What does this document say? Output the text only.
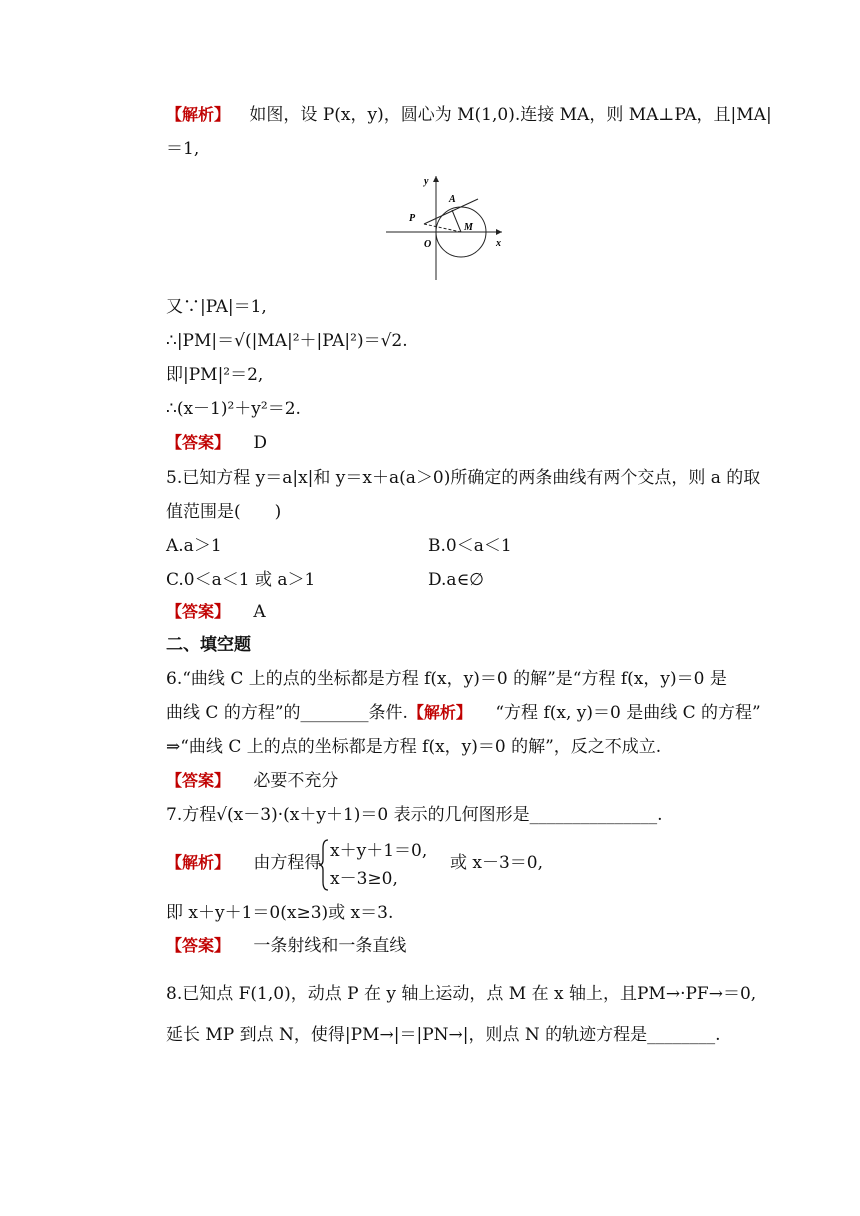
【解析】 如图，设 P(x，y)，圆心为 M(1,0).连接 MA，则 MA⊥PA，且|MA|
＝1,
y
x
A
P
M
O
又∵|PA|＝1,
∴|PM|＝√(|MA|²＋|PA|²)＝√2.
即|PM|²＝2,
∴(x－1)²＋y²＝2.
【答案】 D
5.已知方程 y＝a|x|和 y＝x＋a(a＞0)所确定的两条曲线有两个交点，则 a 的取
值范围是(　　)
A.a＞1	B.0＜a＜1
C.0＜a＜1 或 a＞1	D.a∈∅
【答案】 A
二、填空题
6.“曲线 C 上的点的坐标都是方程 f(x，y)＝0 的解”是“方程 f(x，y)＝0 是
曲线 C 的方程”的________条件.【解析】 “方程 f(x, y)＝0 是曲线 C 的方程”
⇒“曲线 C 上的点的坐标都是方程 f(x，y)＝0 的解”，反之不成立.
【答案】 必要不充分
7.方程√(x－3)·(x＋y＋1)＝0 表示的几何图形是_______________.
【解析】 由方程得
x＋y＋1＝0,
x－3≥0,
或 x－3＝0,
即 x＋y＋1＝0(x≥3)或 x＝3.
【答案】 一条射线和一条直线
8.已知点 F(1,0)，动点 P 在 y 轴上运动，点 M 在 x 轴上，且PM→·PF→＝0,
延长 MP 到点 N，使得|PM→|＝|PN→|，则点 N 的轨迹方程是________.
